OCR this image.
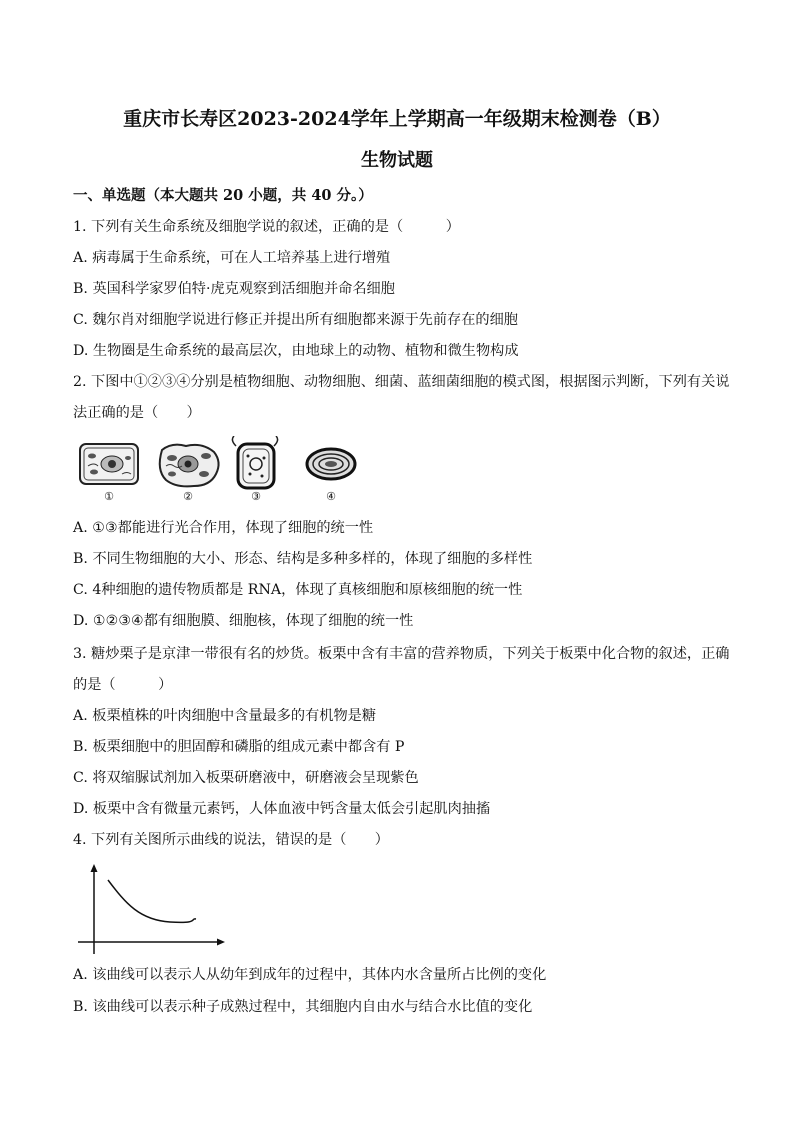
重庆市长寿区2023-2024学年上学期高一年级期末检测卷（B）
生物试题
一、单选题（本大题共 20 小题，共 40 分。）
1. 下列有关生命系统及细胞学说的叙述，正确的是（　　　）
A. 病毒属于生命系统，可在人工培养基上进行增殖
B. 英国科学家罗伯特·虎克观察到活细胞并命名细胞
C. 魏尔肖对细胞学说进行修正并提出所有细胞都来源于先前存在的细胞
D. 生物圈是生命系统的最高层次，由地球上的动物、植物和微生物构成
2. 下图中①②③④分别是植物细胞、动物细胞、细菌、蓝细菌细胞的模式图，根据图示判断，下列有关说
法正确的是（　　）
①	②	③	④
A. ①③都能进行光合作用，体现了细胞的统一性
B. 不同生物细胞的大小、形态、结构是多种多样的，体现了细胞的多样性
C. 4种细胞的遗传物质都是 RNA，体现了真核细胞和原核细胞的统一性
D. ①②③④都有细胞膜、细胞核，体现了细胞的统一性
3. 糖炒栗子是京津一带很有名的炒货。板栗中含有丰富的营养物质，下列关于板栗中化合物的叙述，正确
的是（　　　）
A. 板栗植株的叶肉细胞中含量最多的有机物是糖
B. 板栗细胞中的胆固醇和磷脂的组成元素中都含有 P
C. 将双缩脲试剂加入板栗研磨液中，研磨液会呈现紫色
D. 板栗中含有微量元素钙，人体血液中钙含量太低会引起肌肉抽搐
4. 下列有关图所示曲线的说法，错误的是（　　）
A. 该曲线可以表示人从幼年到成年的过程中，其体内水含量所占比例的变化
B. 该曲线可以表示种子成熟过程中，其细胞内自由水与结合水比值的变化
